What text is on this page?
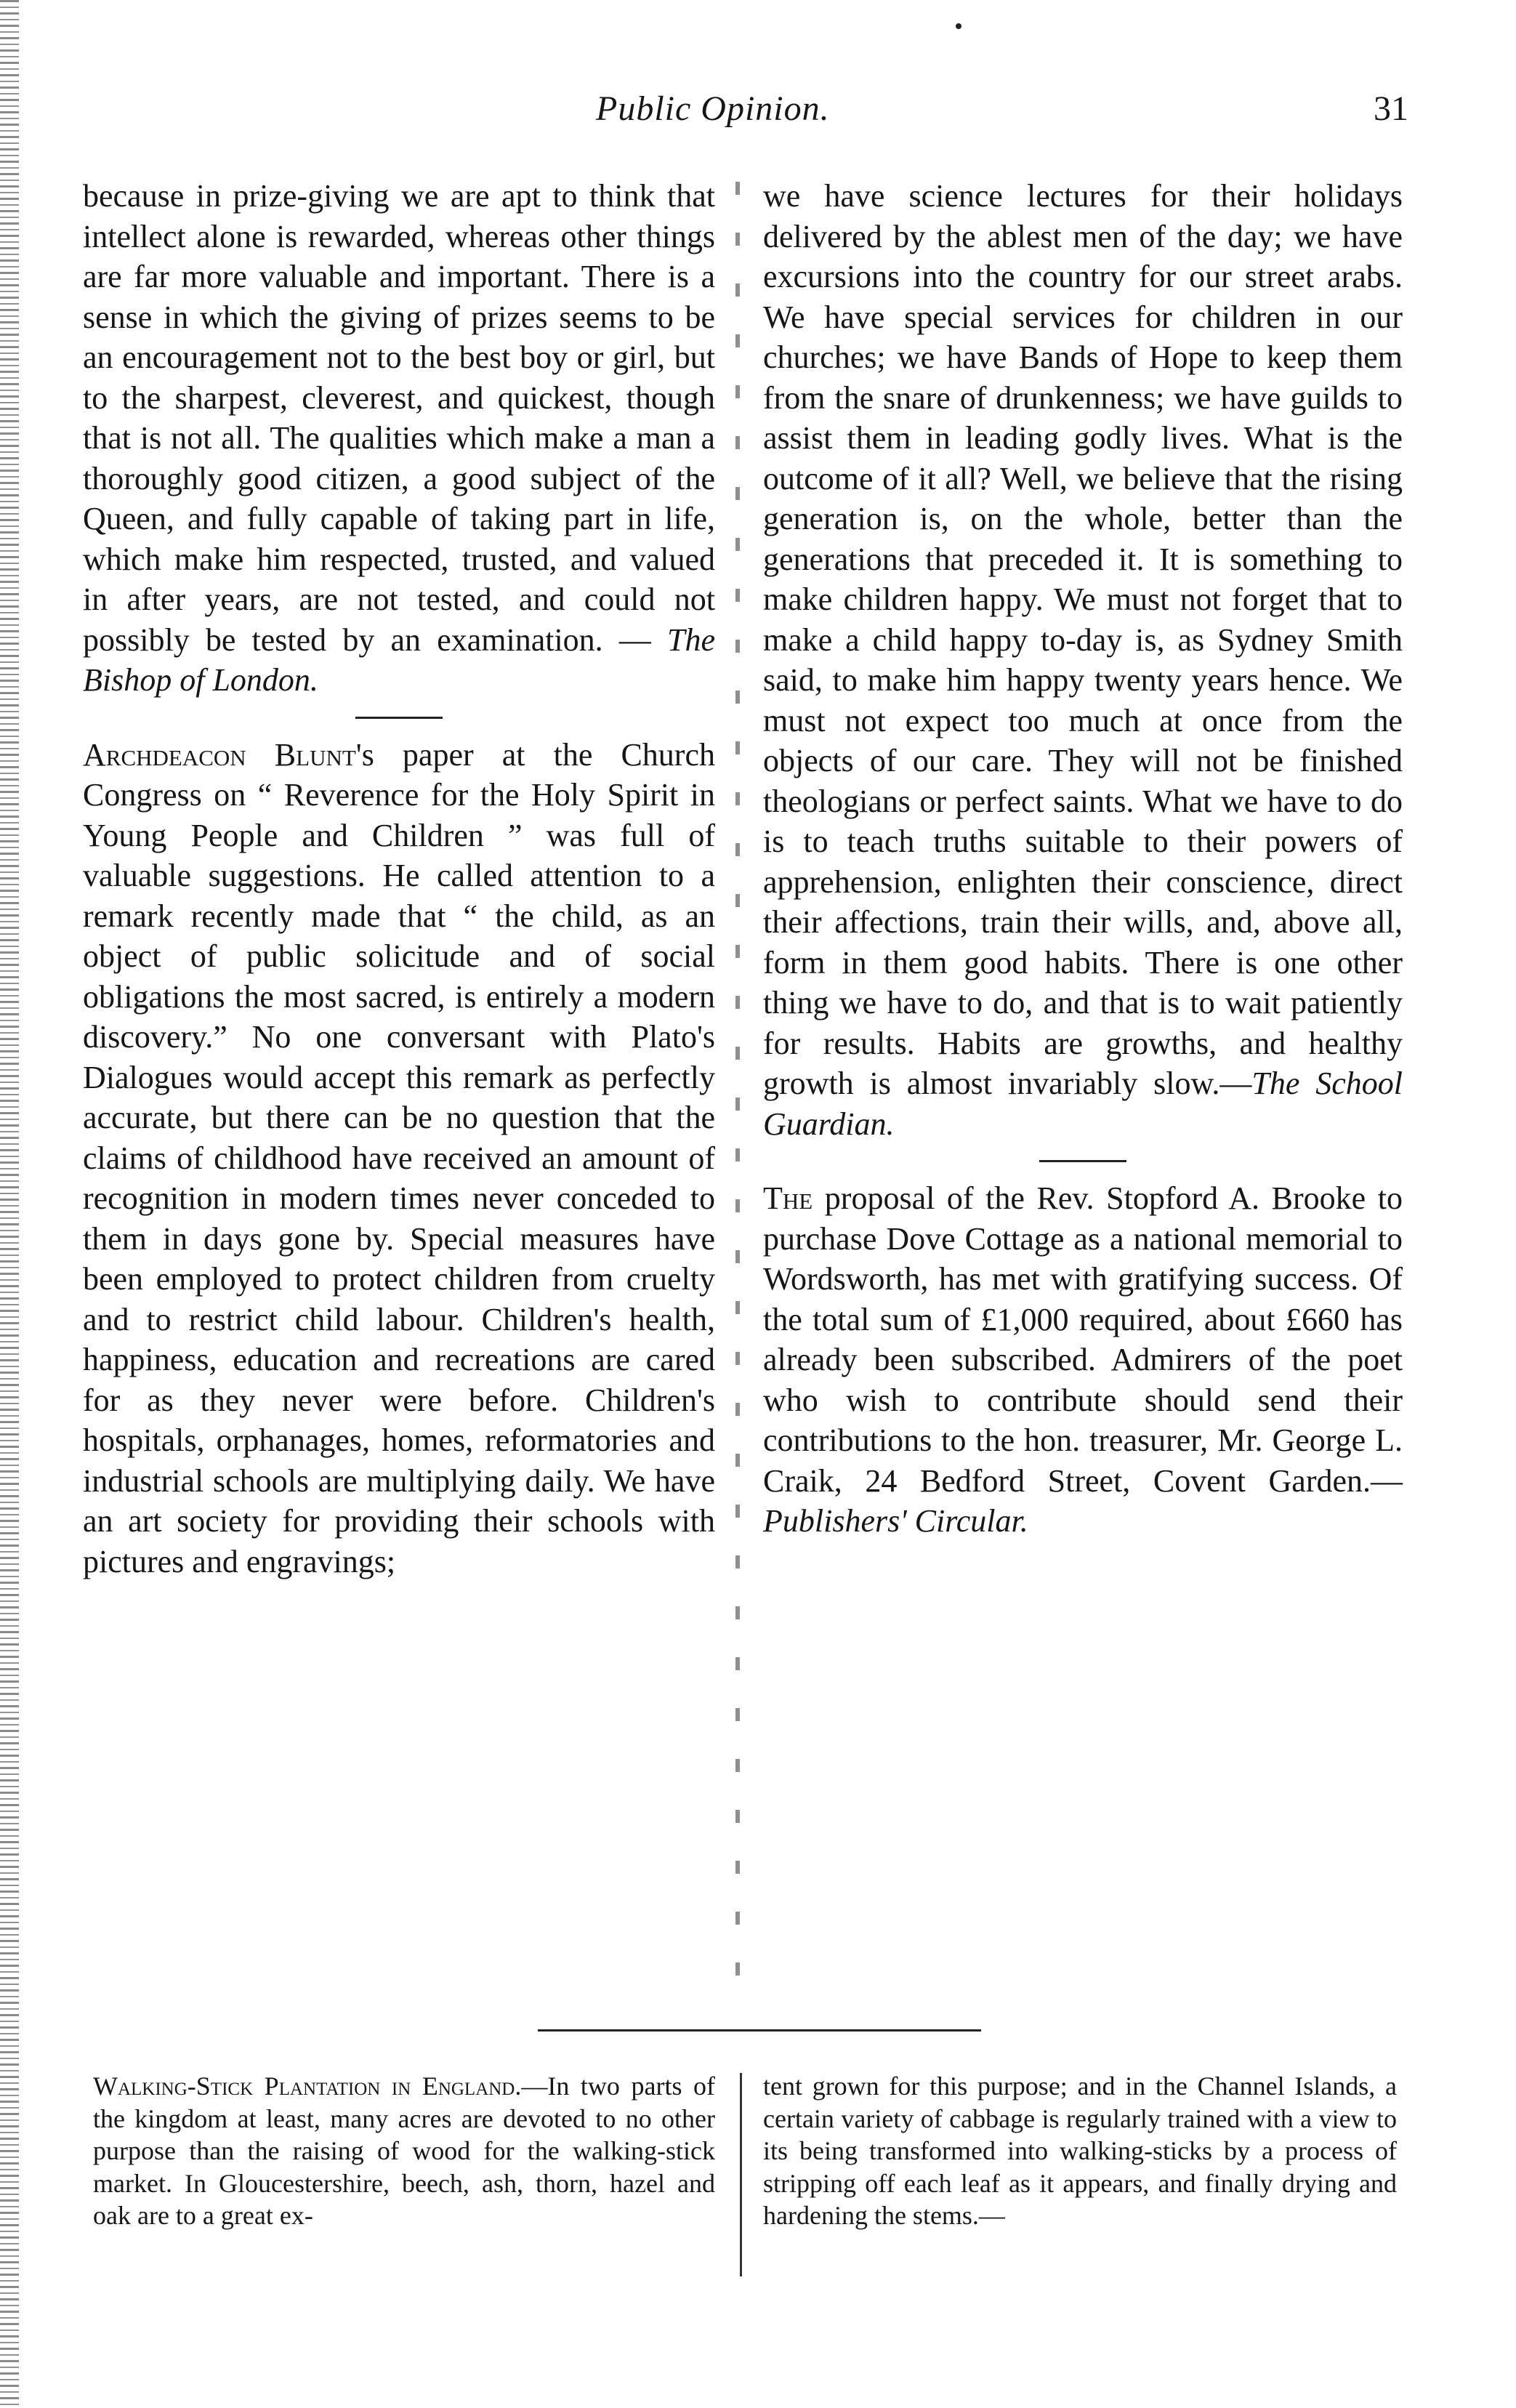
Public Opinion.	31

because in prize-giving we are apt to think that intellect alone is rewarded, whereas other things are far more valuable and important. There is a sense in which the giving of prizes seems to be an encouragement not to the best boy or girl, but to the sharpest, cleverest, and quickest, though that is not all. The qualities which make a man a thoroughly good citizen, a good subject of the Queen, and fully capable of taking part in life, which make him respected, trusted, and valued in after years, are not tested, and could not possibly be tested by an examination. — The Bishop of London.

Archdeacon Blunt's paper at the Church Congress on “ Reverence for the Holy Spirit in Young People and Children ” was full of valuable suggestions. He called attention to a remark recently made that “ the child, as an object of public solicitude and of social obligations the most sacred, is entirely a modern discovery.” No one conversant with Plato's Dialogues would accept this remark as perfectly accurate, but there can be no question that the claims of childhood have received an amount of recognition in modern times never conceded to them in days gone by. Special measures have been employed to protect children from cruelty and to restrict child labour. Children's health, happiness, education and recreations are cared for as they never were before. Children's hospitals, orphanages, homes, reformatories and industrial schools are multiplying daily. We have an art society for providing their schools with pictures and engravings;

we have science lectures for their holidays delivered by the ablest men of the day; we have excursions into the country for our street arabs. We have special services for children in our churches; we have Bands of Hope to keep them from the snare of drunkenness; we have guilds to assist them in leading godly lives. What is the outcome of it all? Well, we believe that the rising generation is, on the whole, better than the generations that preceded it. It is something to make children happy. We must not forget that to make a child happy to-day is, as Sydney Smith said, to make him happy twenty years hence. We must not expect too much at once from the objects of our care. They will not be finished theologians or perfect saints. What we have to do is to teach truths suitable to their powers of apprehension, enlighten their conscience, direct their affections, train their wills, and, above all, form in them good habits. There is one other thing we have to do, and that is to wait patiently for results. Habits are growths, and healthy growth is almost invariably slow.—The School Guardian.

The proposal of the Rev. Stopford A. Brooke to purchase Dove Cottage as a national memorial to Wordsworth, has met with gratifying success. Of the total sum of £1,000 required, about £660 has already been subscribed. Admirers of the poet who wish to contribute should send their contributions to the hon. treasurer, Mr. George L. Craik, 24 Bedford Street, Covent Garden.—Publishers' Circular.

Walking-Stick Plantation in England.—In two parts of the kingdom at least, many acres are devoted to no other purpose than the raising of wood for the walking-stick market. In Gloucestershire, beech, ash, thorn, hazel and oak are to a great ex-

tent grown for this purpose; and in the Channel Islands, a certain variety of cabbage is regularly trained with a view to its being transformed into walking-sticks by a process of stripping off each leaf as it appears, and finally drying and hardening the stems.—
